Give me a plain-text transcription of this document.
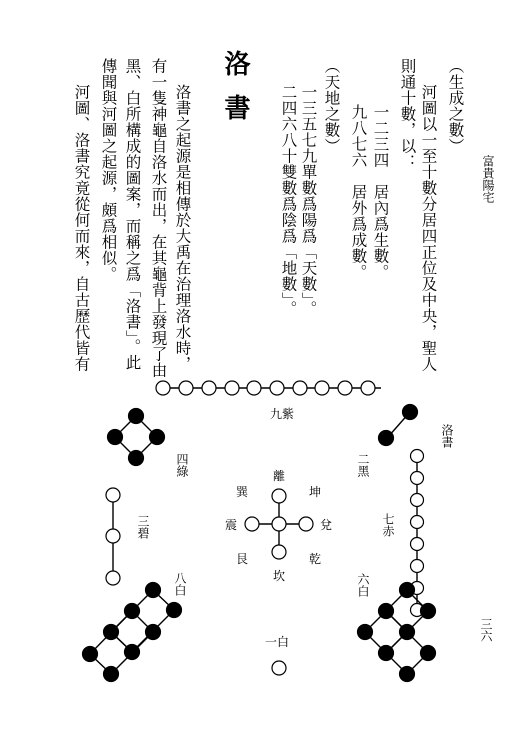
富貴陽宅
三六
（生成之數）
河圖以一至十數分居四正位及中央，聖人
則通十數，以：
一二三四　居內爲生數。
九八七六　居外爲成數。
（天地之數）
一三五七九單數爲陽爲「天數」。
二四六八十雙數爲陰爲「地數」。
洛書
洛書之起源是相傳於大禹在治理洛水時，
有一隻神龜自洛水而出，在其龜背上發現了由
黑、白所構成的圖案，而稱之爲「洛書」。此
傳聞與河圖之起源，頗爲相似。
河圖、洛書究竟從何而來，自古歷代皆有
洛書
九紫
二黑
七赤
六白
四綠
三碧
八白
一白
離
巽	坤
震	兌
艮	乾
坎
